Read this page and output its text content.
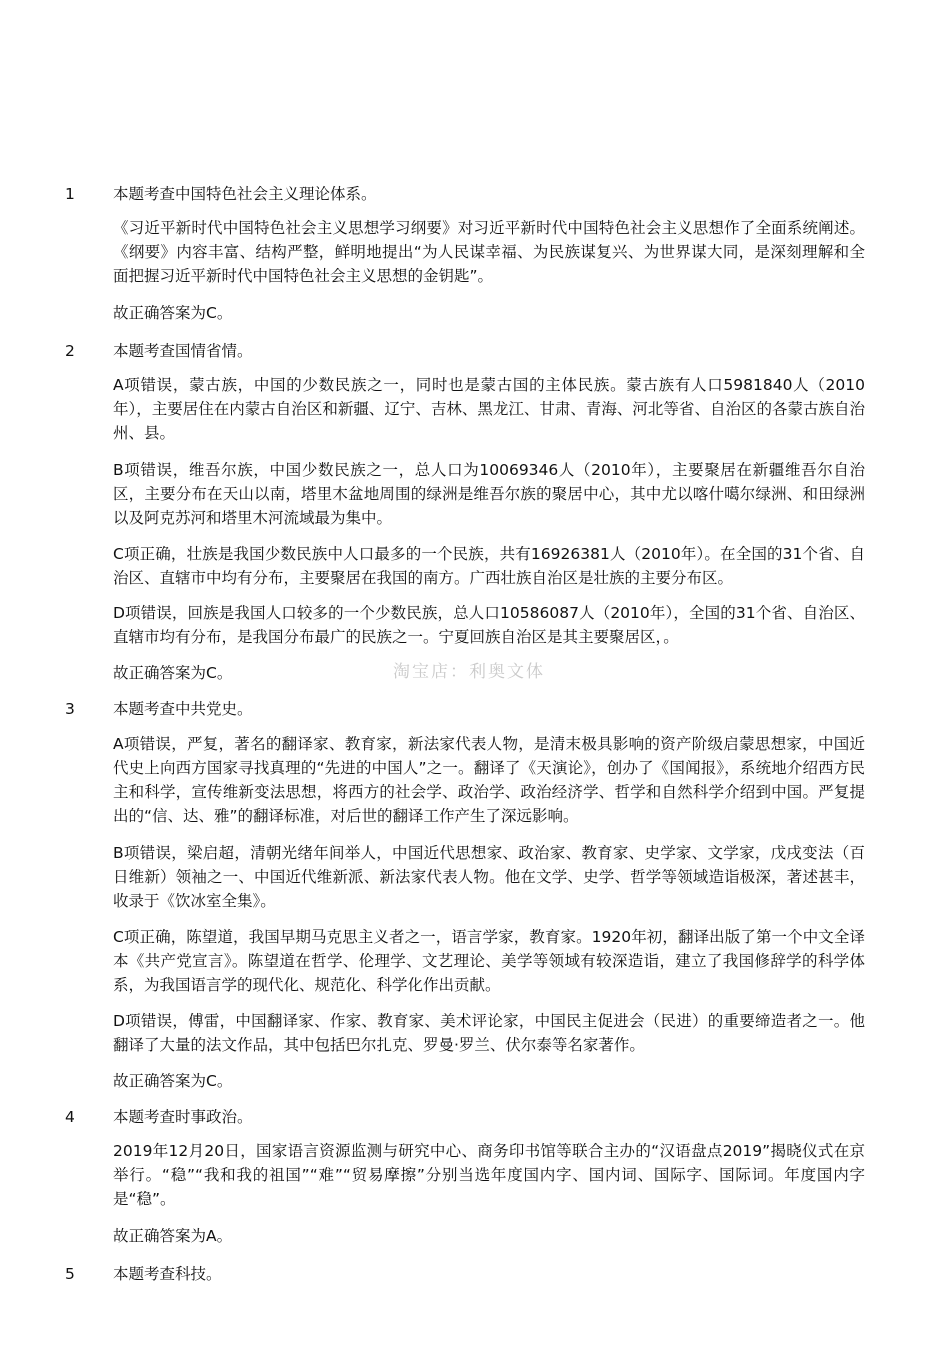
1	本题考查中国特色社会主义理论体系。

《习近平新时代中国特色社会主义思想学习纲要》对习近平新时代中国特色社会主义思想作了全面系统阐述。《纲要》内容丰富、结构严整，鲜明地提出“为人民谋幸福、为民族谋复兴、为世界谋大同，是深刻理解和全面把握习近平新时代中国特色社会主义思想的金钥匙”。

故正确答案为C。

2	本题考查国情省情。

A项错误，蒙古族，中国的少数民族之一，同时也是蒙古国的主体民族。蒙古族有人口5981840人（2010年），主要居住在内蒙古自治区和新疆、辽宁、吉林、黑龙江、甘肃、青海、河北等省、自治区的各蒙古族自治州、县。

B项错误，维吾尔族，中国少数民族之一，总人口为10069346人（2010年），主要聚居在新疆维吾尔自治区，主要分布在天山以南，塔里木盆地周围的绿洲是维吾尔族的聚居中心，其中尤以喀什噶尔绿洲、和田绿洲以及阿克苏河和塔里木河流域最为集中。

C项正确，壮族是我国少数民族中人口最多的一个民族，共有16926381人（2010年）。在全国的31个省、自治区、直辖市中均有分布，主要聚居在我国的南方。广西壮族自治区是壮族的主要分布区。

D项错误，回族是我国人口较多的一个少数民族，总人口10586087人（2010年），全国的31个省、自治区、直辖市均有分布，是我国分布最广的民族之一。宁夏回族自治区是其主要聚居区，。

故正确答案为C。	淘宝店：利奥文体
3	本题考查中共党史。

A项错误，严复，著名的翻译家、教育家，新法家代表人物，是清末极具影响的资产阶级启蒙思想家，中国近代史上向西方国家寻找真理的“先进的中国人”之一。翻译了《天演论》，创办了《国闻报》，系统地介绍西方民主和科学，宣传维新变法思想，将西方的社会学、政治学、政治经济学、哲学和自然科学介绍到中国。严复提出的“信、达、雅”的翻译标准，对后世的翻译工作产生了深远影响。

B项错误，梁启超，清朝光绪年间举人，中国近代思想家、政治家、教育家、史学家、文学家，戊戌变法（百日维新）领袖之一、中国近代维新派、新法家代表人物。他在文学、史学、哲学等领域造诣极深，著述甚丰，收录于《饮冰室全集》。

C项正确，陈望道，我国早期马克思主义者之一，语言学家，教育家。1920年初，翻译出版了第一个中文全译本《共产党宣言》。陈望道在哲学、伦理学、文艺理论、美学等领域有较深造诣，建立了我国修辞学的科学体系，为我国语言学的现代化、规范化、科学化作出贡献。

D项错误，傅雷，中国翻译家、作家、教育家、美术评论家，中国民主促进会（民进）的重要缔造者之一。他翻译了大量的法文作品，其中包括巴尔扎克、罗曼·罗兰、伏尔泰等名家著作。

故正确答案为C。

4	本题考查时事政治。

2019年12月20日，国家语言资源监测与研究中心、商务印书馆等联合主办的“汉语盘点2019”揭晓仪式在京举行。“稳”“我和我的祖国”“难”“贸易摩擦”分别当选年度国内字、国内词、国际字、国际词。年度国内字是“稳”。

故正确答案为A。

5	本题考查科技。
